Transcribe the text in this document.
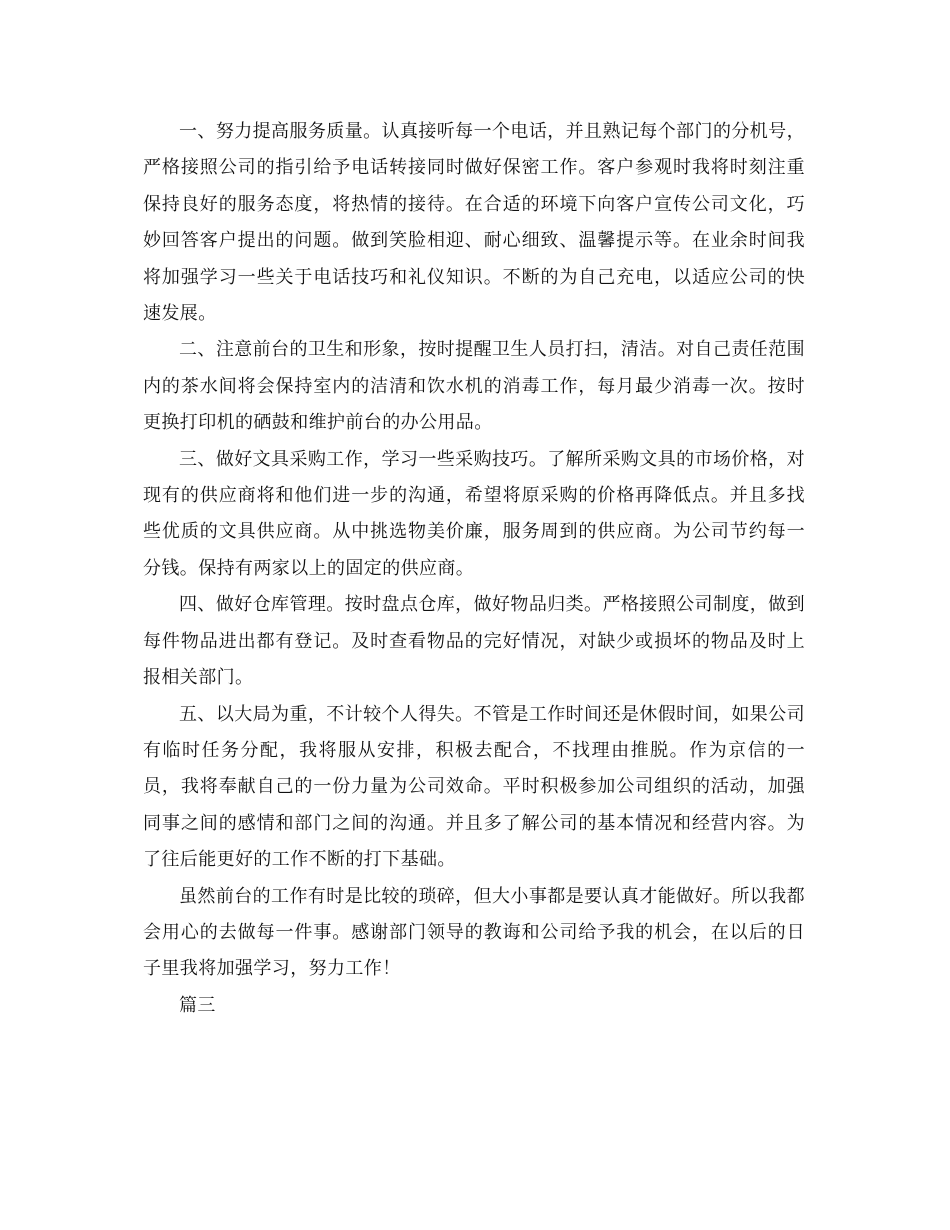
一、努力提高服务质量。认真接听每一个电话，并且熟记每个部门的分机号，严格接照公司的指引给予电话转接同时做好保密工作。客户参观时我将时刻注重保持良好的服务态度，将热情的接待。在合适的环境下向客户宣传公司文化，巧妙回答客户提出的问题。做到笑脸相迎、耐心细致、温馨提示等。在业余时间我将加强学习一些关于电话技巧和礼仪知识。不断的为自己充电，以适应公司的快速发展。

二、注意前台的卫生和形象，按时提醒卫生人员打扫，清洁。对自己责任范围内的茶水间将会保持室内的洁清和饮水机的消毒工作，每月最少消毒一次。按时更换打印机的硒鼓和维护前台的办公用品。

三、做好文具采购工作，学习一些采购技巧。了解所采购文具的市场价格，对现有的供应商将和他们进一步的沟通，希望将原采购的价格再降低点。并且多找些优质的文具供应商。从中挑选物美价廉，服务周到的供应商。为公司节约每一分钱。保持有两家以上的固定的供应商。

四、做好仓库管理。按时盘点仓库，做好物品归类。严格接照公司制度，做到每件物品进出都有登记。及时查看物品的完好情况，对缺少或损坏的物品及时上报相关部门。

五、以大局为重，不计较个人得失。不管是工作时间还是休假时间，如果公司有临时任务分配，我将服从安排，积极去配合，不找理由推脱。作为京信的一员，我将奉献自己的一份力量为公司效命。平时积极参加公司组织的活动，加强同事之间的感情和部门之间的沟通。并且多了解公司的基本情况和经营内容。为了往后能更好的工作不断的打下基础。

虽然前台的工作有时是比较的琐碎，但大小事都是要认真才能做好。所以我都会用心的去做每一件事。感谢部门领导的教诲和公司给予我的机会，在以后的日子里我将加强学习，努力工作！

篇三
